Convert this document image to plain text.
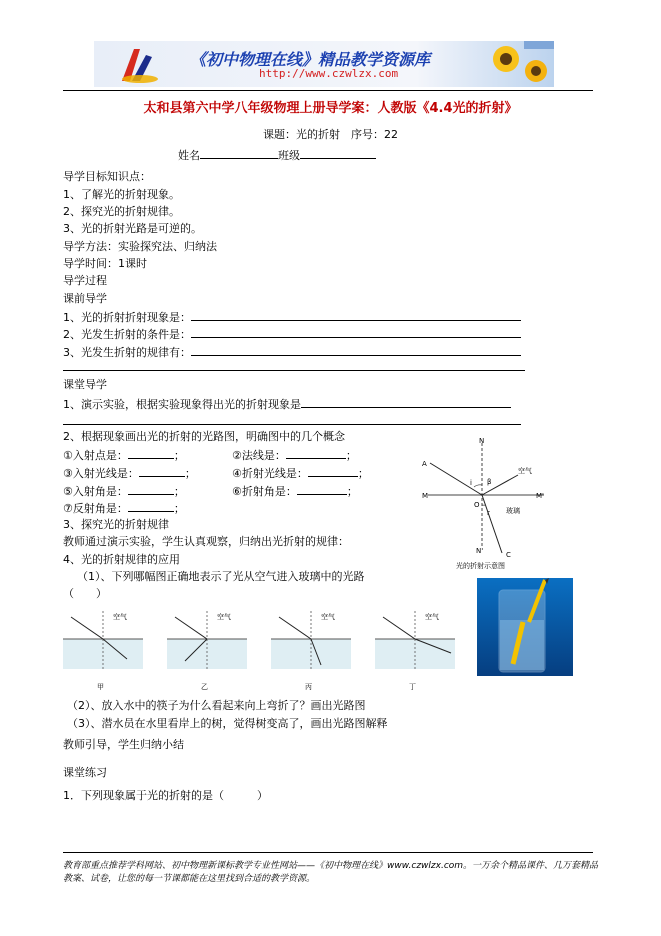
《初中物理在线》精品教学资源库
http://www.czwlzx.com
太和县第六中学八年级物理上册导学案：人教版《4.4光的折射》
课题：光的折射　序号：22
姓名	班级
导学目标知识点：
1、了解光的折射现象。
2、探究光的折射规律。
3、光的折射光路是可逆的。
导学方法：实验探究法、归纳法
导学时间：1课时
导学过程
课前导学
1、光的折射折射现象是：
2、光发生折射的条件是：
3、光发生折射的规律有：
课堂导学
1、演示实验，根据实验现象得出光的折射现象是
2、根据现象画出光的折射的光路图，明确图中的几个概念
①入射点是：	；	②法线是：	；
③入射光线是：	；	④折射光线是：	；
⑤入射角是：	；	⑥折射角是：	；
⑦反射角是：	；
3、探究光的折射规律
教师通过演示实验，学生认真观察，归纳出光折射的规律：
4、光的折射规律的应用
（1）、下列哪幅图正确地表示了光从空气进入玻璃中的光路
（　　）
N
A
空气
i β
M
O
M'
玻璃
r
N'	C
光的折射示意图
空气
甲
空气
乙
空气
丙
空气
丁
（2）、放入水中的筷子为什么看起来向上弯折了？画出光路图
（3）、潜水员在水里看岸上的树，觉得树变高了，画出光路图解释
教师引导，学生归纳小结
课堂练习
1．下列现象属于光的折射的是（　　　）
教育部重点推荐学科网站、初中物理新课标教学专业性网站——《初中物理在线》www.czwlzx.com。一万余个精品课件、几万套精品教案、试卷，让您的每一节课都能在这里找到合适的教学资源。
